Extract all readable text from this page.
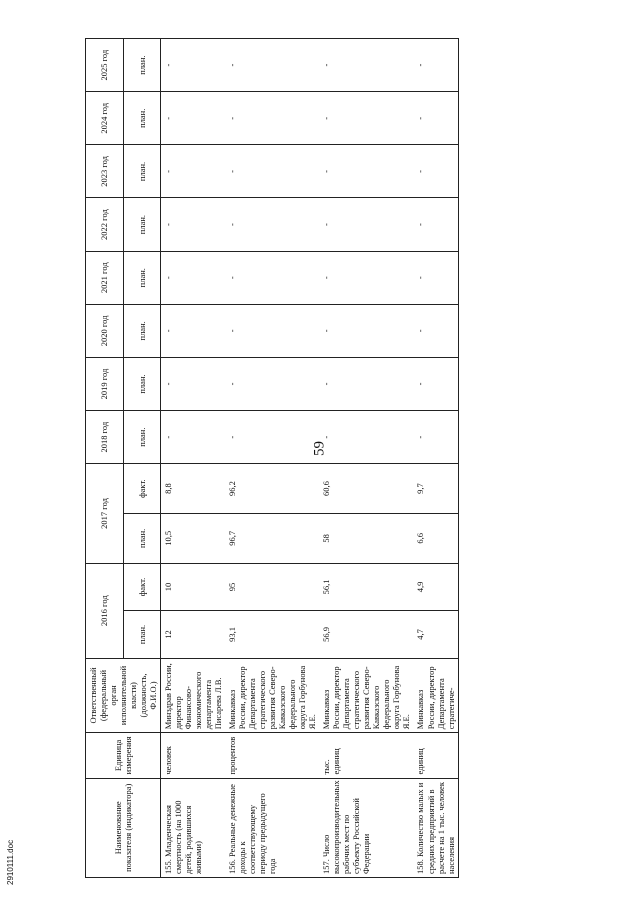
59
Наименование показателя (индикатора)	Единица измерения	Ответственный (федеральный орган исполнительной власти) (должность, Ф.И.О.)	2016 год		2017 год		2018 год	2019 год	2020 год	2021 год	2022 год	2023 год	2024 год	2025 год
			план.	факт.	план.	факт.	план.	план.	план.	план.	план.	план.	план.	план.
155. Младенческая смертность (на 1000 детей, родившихся живыми)	человек	Минздрав России, директор Финансово-экономического департамента Писарева Л.В.	12	10	10,5	8,8	-	-	-	-	-	-	-	-
156. Реальные денежные доходы к соответствующему периоду предыдущего года	процентов	Минкавказ России, директор Департамента стратегического развития Северо-Кавказского федерального округа Горбунова Я.Е.	93,1	95	96,7	96,2	-	-	-	-	-	-	-	-
157. Число высокопроизводительных рабочих мест по субъекту Российской Федерации	тыс. единиц	Минкавказ России, директор Департамента стратегического развития Северо-Кавказского федерального округа Горбунова Я.Е.	56,9	56,1	58	60,6	-	-	-	-	-	-	-	-
158. Количество малых и средних предприятий в расчете на 1 тыс. человек населения	единиц	Минкавказ России, директор Департамента стратегиче-	4,7	4,9	6,6	9,7	-	-	-	-	-	-	-	-
2910111.doc
